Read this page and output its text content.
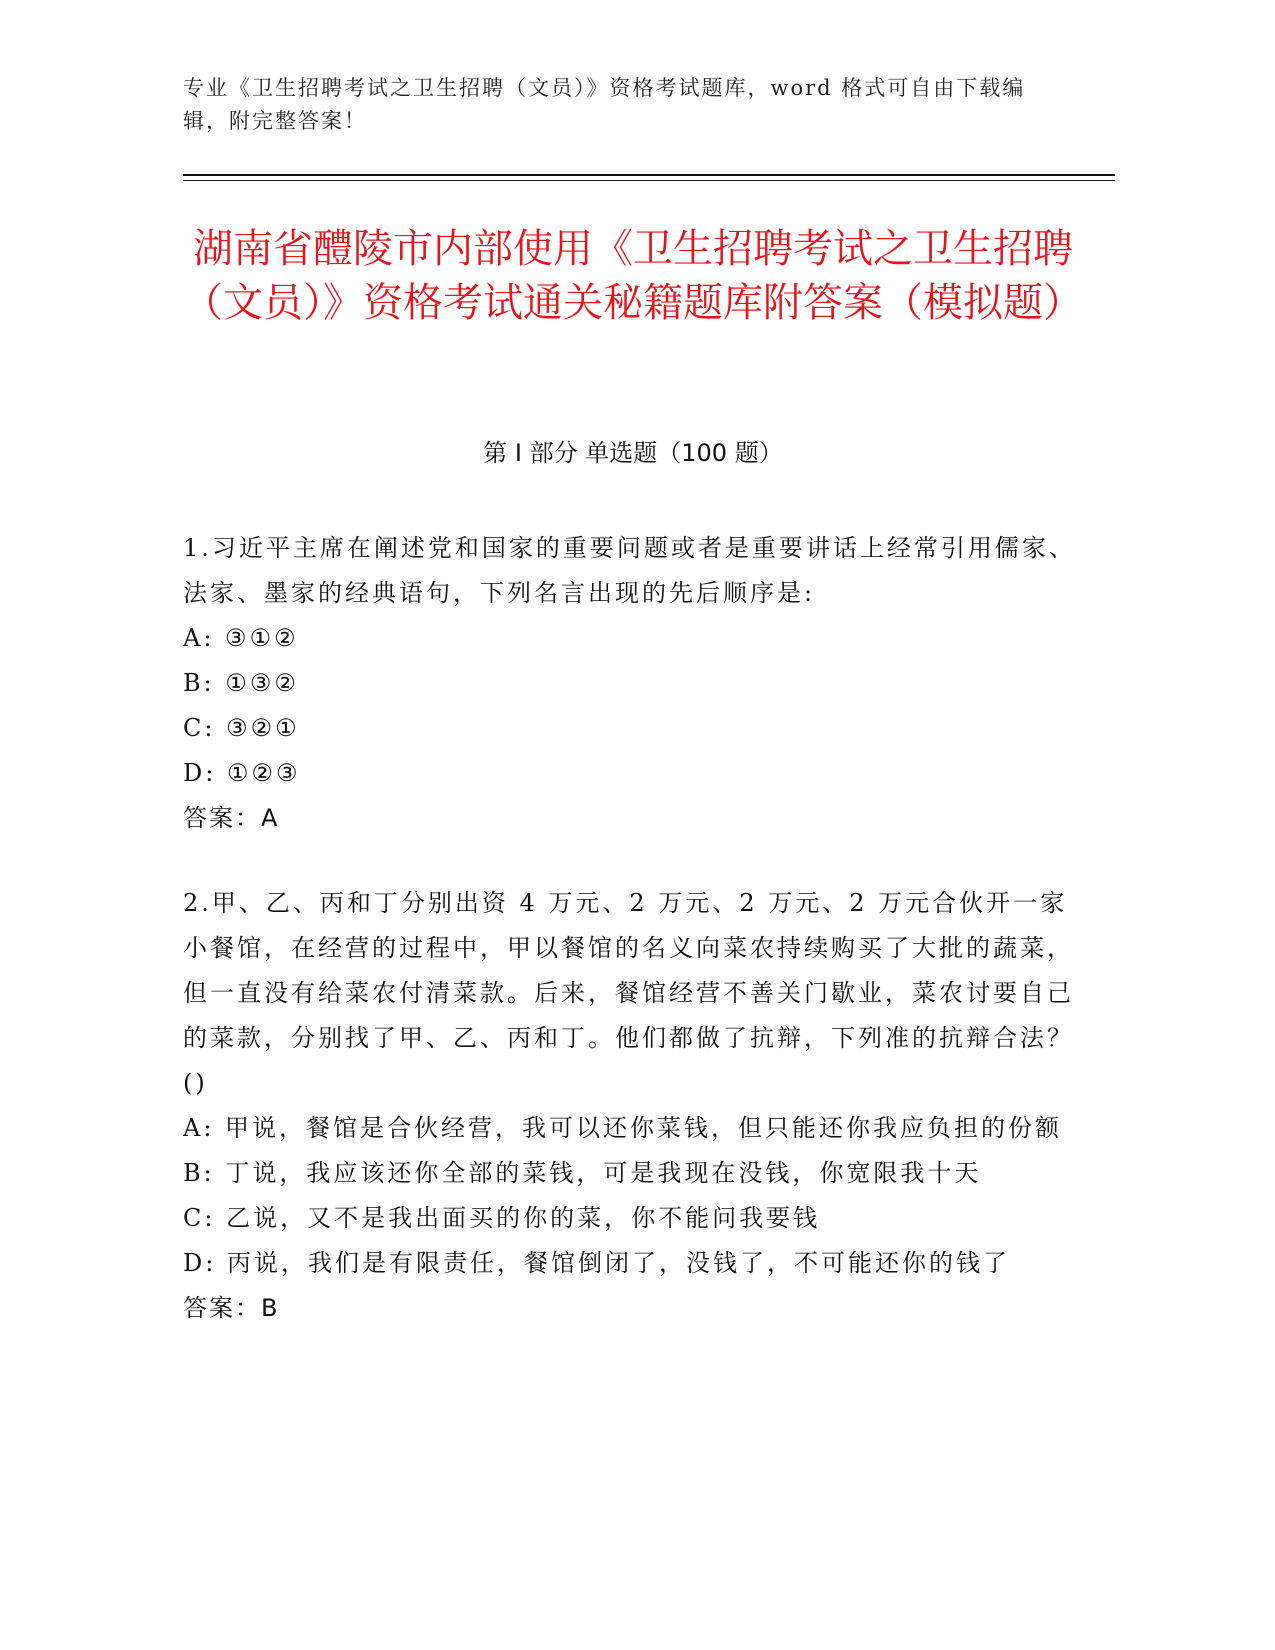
专业《卫生招聘考试之卫生招聘（文员）》资格考试题库，word 格式可自由下载编辑，附完整答案！
湖南省醴陵市内部使用《卫生招聘考试之卫生招聘（文员）》资格考试通关秘籍题库附答案（模拟题）
第 I 部分 单选题（100 题）

1.习近平主席在阐述党和国家的重要问题或者是重要讲话上经常引用儒家、法家、墨家的经典语句，下列名言出现的先后顺序是:

A: ③①②

B: ①③②

C: ③②①

D: ①②③

答案：A

2.甲、乙、丙和丁分别出资 4 万元、2 万元、2 万元、2 万元合伙开一家小餐馆，在经营的过程中，甲以餐馆的名义向菜农持续购买了大批的蔬菜，但一直没有给菜农付清菜款。后来，餐馆经营不善关门歇业，菜农讨要自己的菜款，分别找了甲、乙、丙和丁。他们都做了抗辩，下列准的抗辩合法？()

A: 甲说，餐馆是合伙经营，我可以还你菜钱，但只能还你我应负担的份额

B: 丁说，我应该还你全部的菜钱，可是我现在没钱，你宽限我十天

C: 乙说，又不是我出面买的你的菜，你不能问我要钱

D: 丙说，我们是有限责任，餐馆倒闭了，没钱了，不可能还你的钱了

答案：B
